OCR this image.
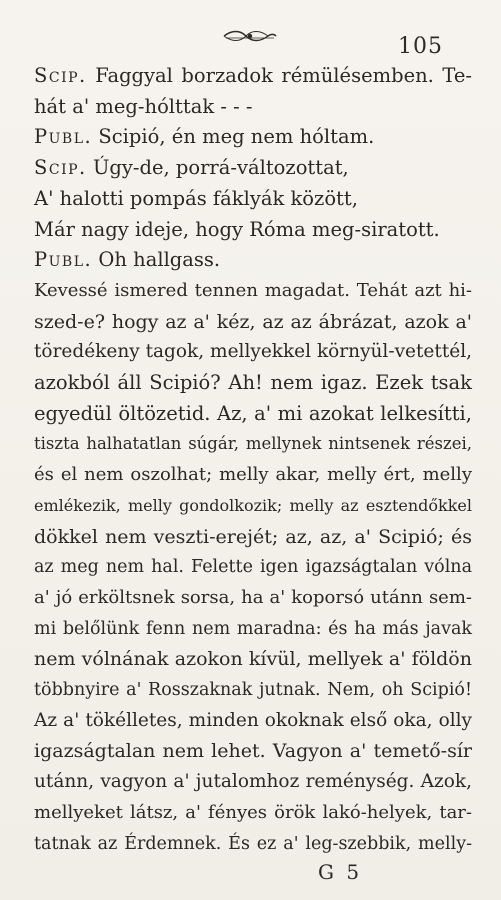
105
Scip. Faggyal borzadok rémülésemben. Te-
hát a' meg-hólttak - - -
Publ. Scipió, én meg nem hóltam.
Scip. Úgy-de, porrá-változottat,
A' halotti pompás fáklyák között,
Már nagy ideje, hogy Róma meg-siratott.
Publ. Oh hallgass.
Kevessé ismered tennen magadat. Tehát azt hi-
szed-e? hogy az a' kéz, az az ábrázat, azok a'
töredékeny tagok, mellyekkel környül-vetettél,
azokból áll Scipió? Ah! nem igaz. Ezek tsak
egyedül öltözetid. Az, a' mi azokat lelkesítti,
tiszta halhatatlan súgár, mellynek nintsenek részei,
és el nem oszolhat; melly akar, melly ért, melly
emlékezik, melly gondolkozik; melly az esztendőkkel
dökkel nem veszti-erejét; az, az, a' Scipió; és
az meg nem hal. Felette igen igazságtalan vólna
a' jó erköltsnek sorsa, ha a' koporsó utánn sem-
mi belőlünk fenn nem maradna: és ha más javak
nem vólnának azokon kívül, mellyek a' földön
többnyire a' Rosszaknak jutnak. Nem, oh Scipió!
Az a' tökélletes, minden okoknak első oka, olly
igazságtalan nem lehet. Vagyon a' temető-sír
utánn, vagyon a' jutalomhoz reménység. Azok,
mellyeket látsz, a' fényes örök lakó-helyek, tar-
tatnak az Érdemnek. És ez a' leg-szebbik, melly-
G 5
